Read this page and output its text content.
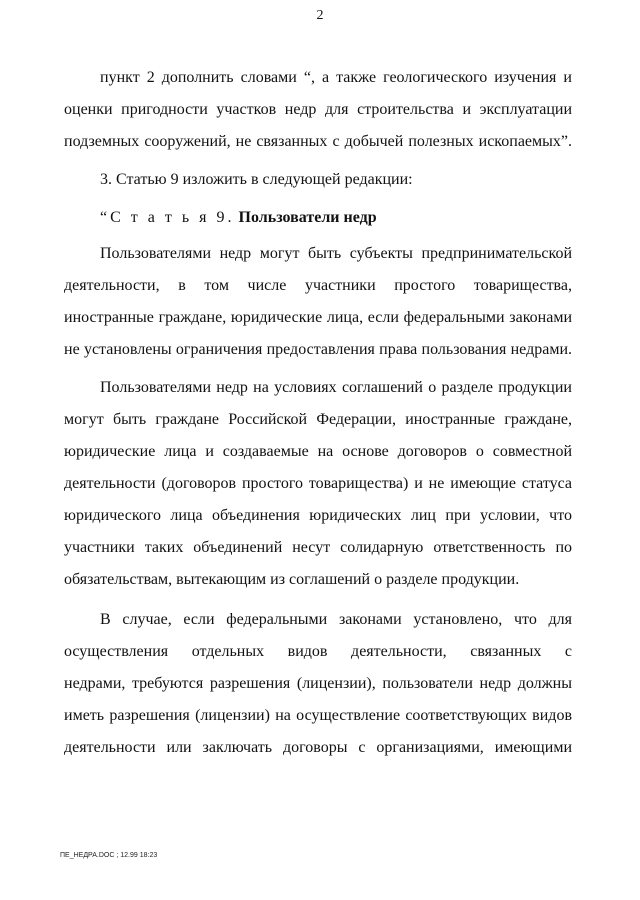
2
пункт 2 дополнить словами “, а также геологического изучения и
оценки пригодности участков недр для строительства и эксплуатации
подземных сооружений, не связанных с добычей полезных ископаемых”.
3. Статью 9 изложить в следующей редакции:
“С т а т ь я 9. Пользователи недр
Пользователями недр могут быть субъекты предпринимательской
деятельности, в том числе участники простого товарищества,
иностранные граждане, юридические лица, если федеральными законами
не установлены ограничения предоставления права пользования недрами.
Пользователями недр на условиях соглашений о разделе продукции
могут быть граждане Российской Федерации, иностранные граждане,
юридические лица и создаваемые на основе договоров о совместной
деятельности (договоров простого товарищества) и не имеющие статуса
юридического лица объединения юридических лиц при условии, что
участники таких объединений несут солидарную ответственность по
обязательствам, вытекающим из соглашений о разделе продукции.
В случае, если федеральными законами установлено, что для
осуществления отдельных видов деятельности, связанных с
недрами, требуются разрешения (лицензии), пользователи недр должны
иметь разрешения (лицензии) на осуществление соответствующих видов
деятельности или заключать договоры с организациями, имеющими
ПЕ_НЕДРА.DOC ; 12.99 18:23
